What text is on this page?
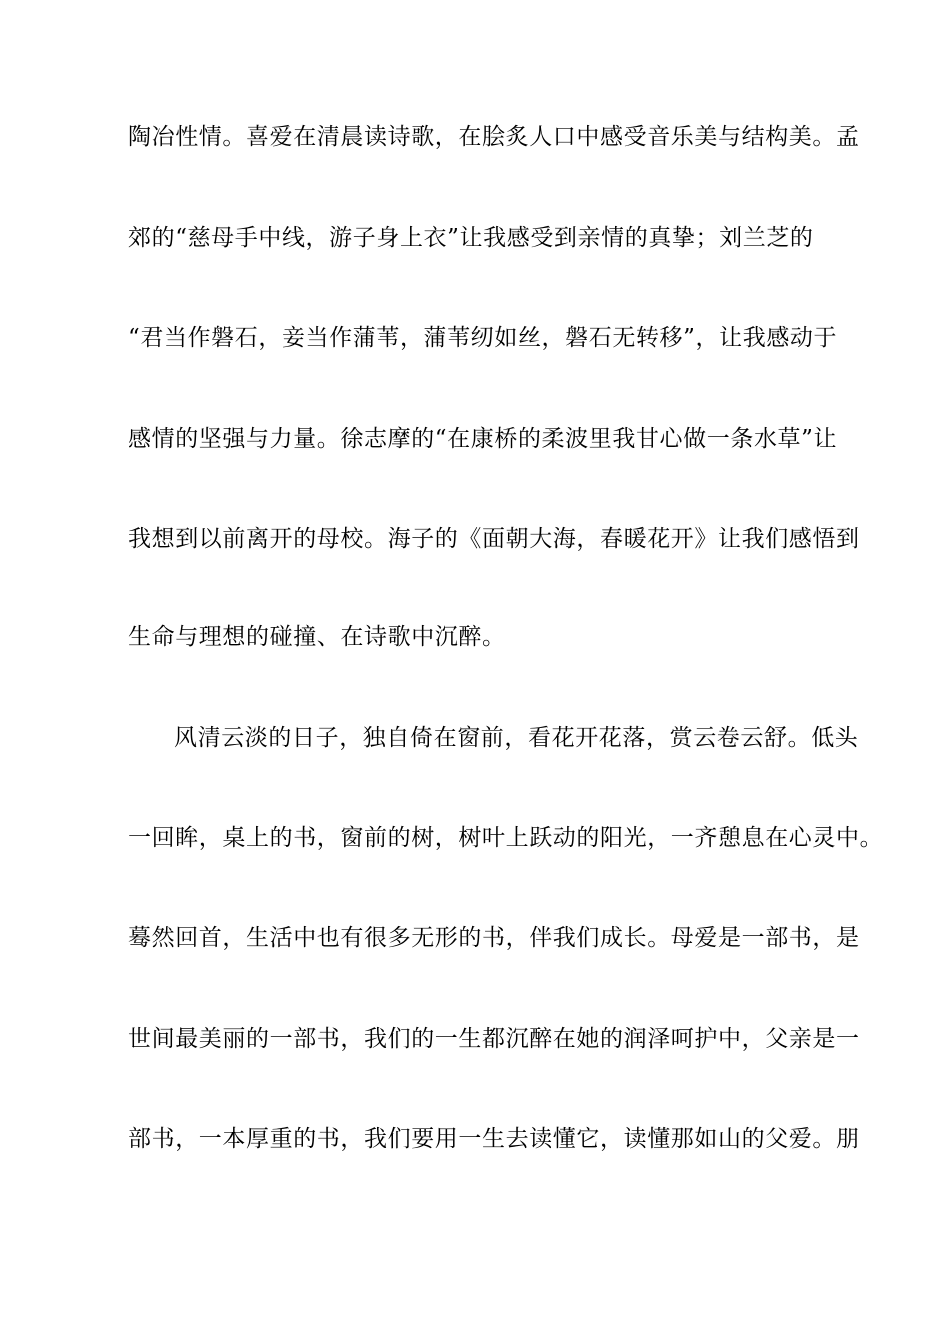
陶冶性情。喜爱在清晨读诗歌，在脍炙人口中感受音乐美与结构美。孟
郊的“慈母手中线，游子身上衣”让我感受到亲情的真挚；刘兰芝的
“君当作磐石，妾当作蒲苇，蒲苇纫如丝，磐石无转移”，让我感动于
感情的坚强与力量。徐志摩的“在康桥的柔波里我甘心做一条水草”让
我想到以前离开的母校。海子的《面朝大海，春暖花开》让我们感悟到
生命与理想的碰撞、在诗歌中沉醉。
风清云淡的日子，独自倚在窗前，看花开花落，赏云卷云舒。低头
一回眸，桌上的书，窗前的树，树叶上跃动的阳光，一齐憩息在心灵中。
蓦然回首，生活中也有很多无形的书，伴我们成长。母爱是一部书，是
世间最美丽的一部书，我们的一生都沉醉在她的润泽呵护中，父亲是一
部书，一本厚重的书，我们要用一生去读懂它，读懂那如山的父爱。朋
